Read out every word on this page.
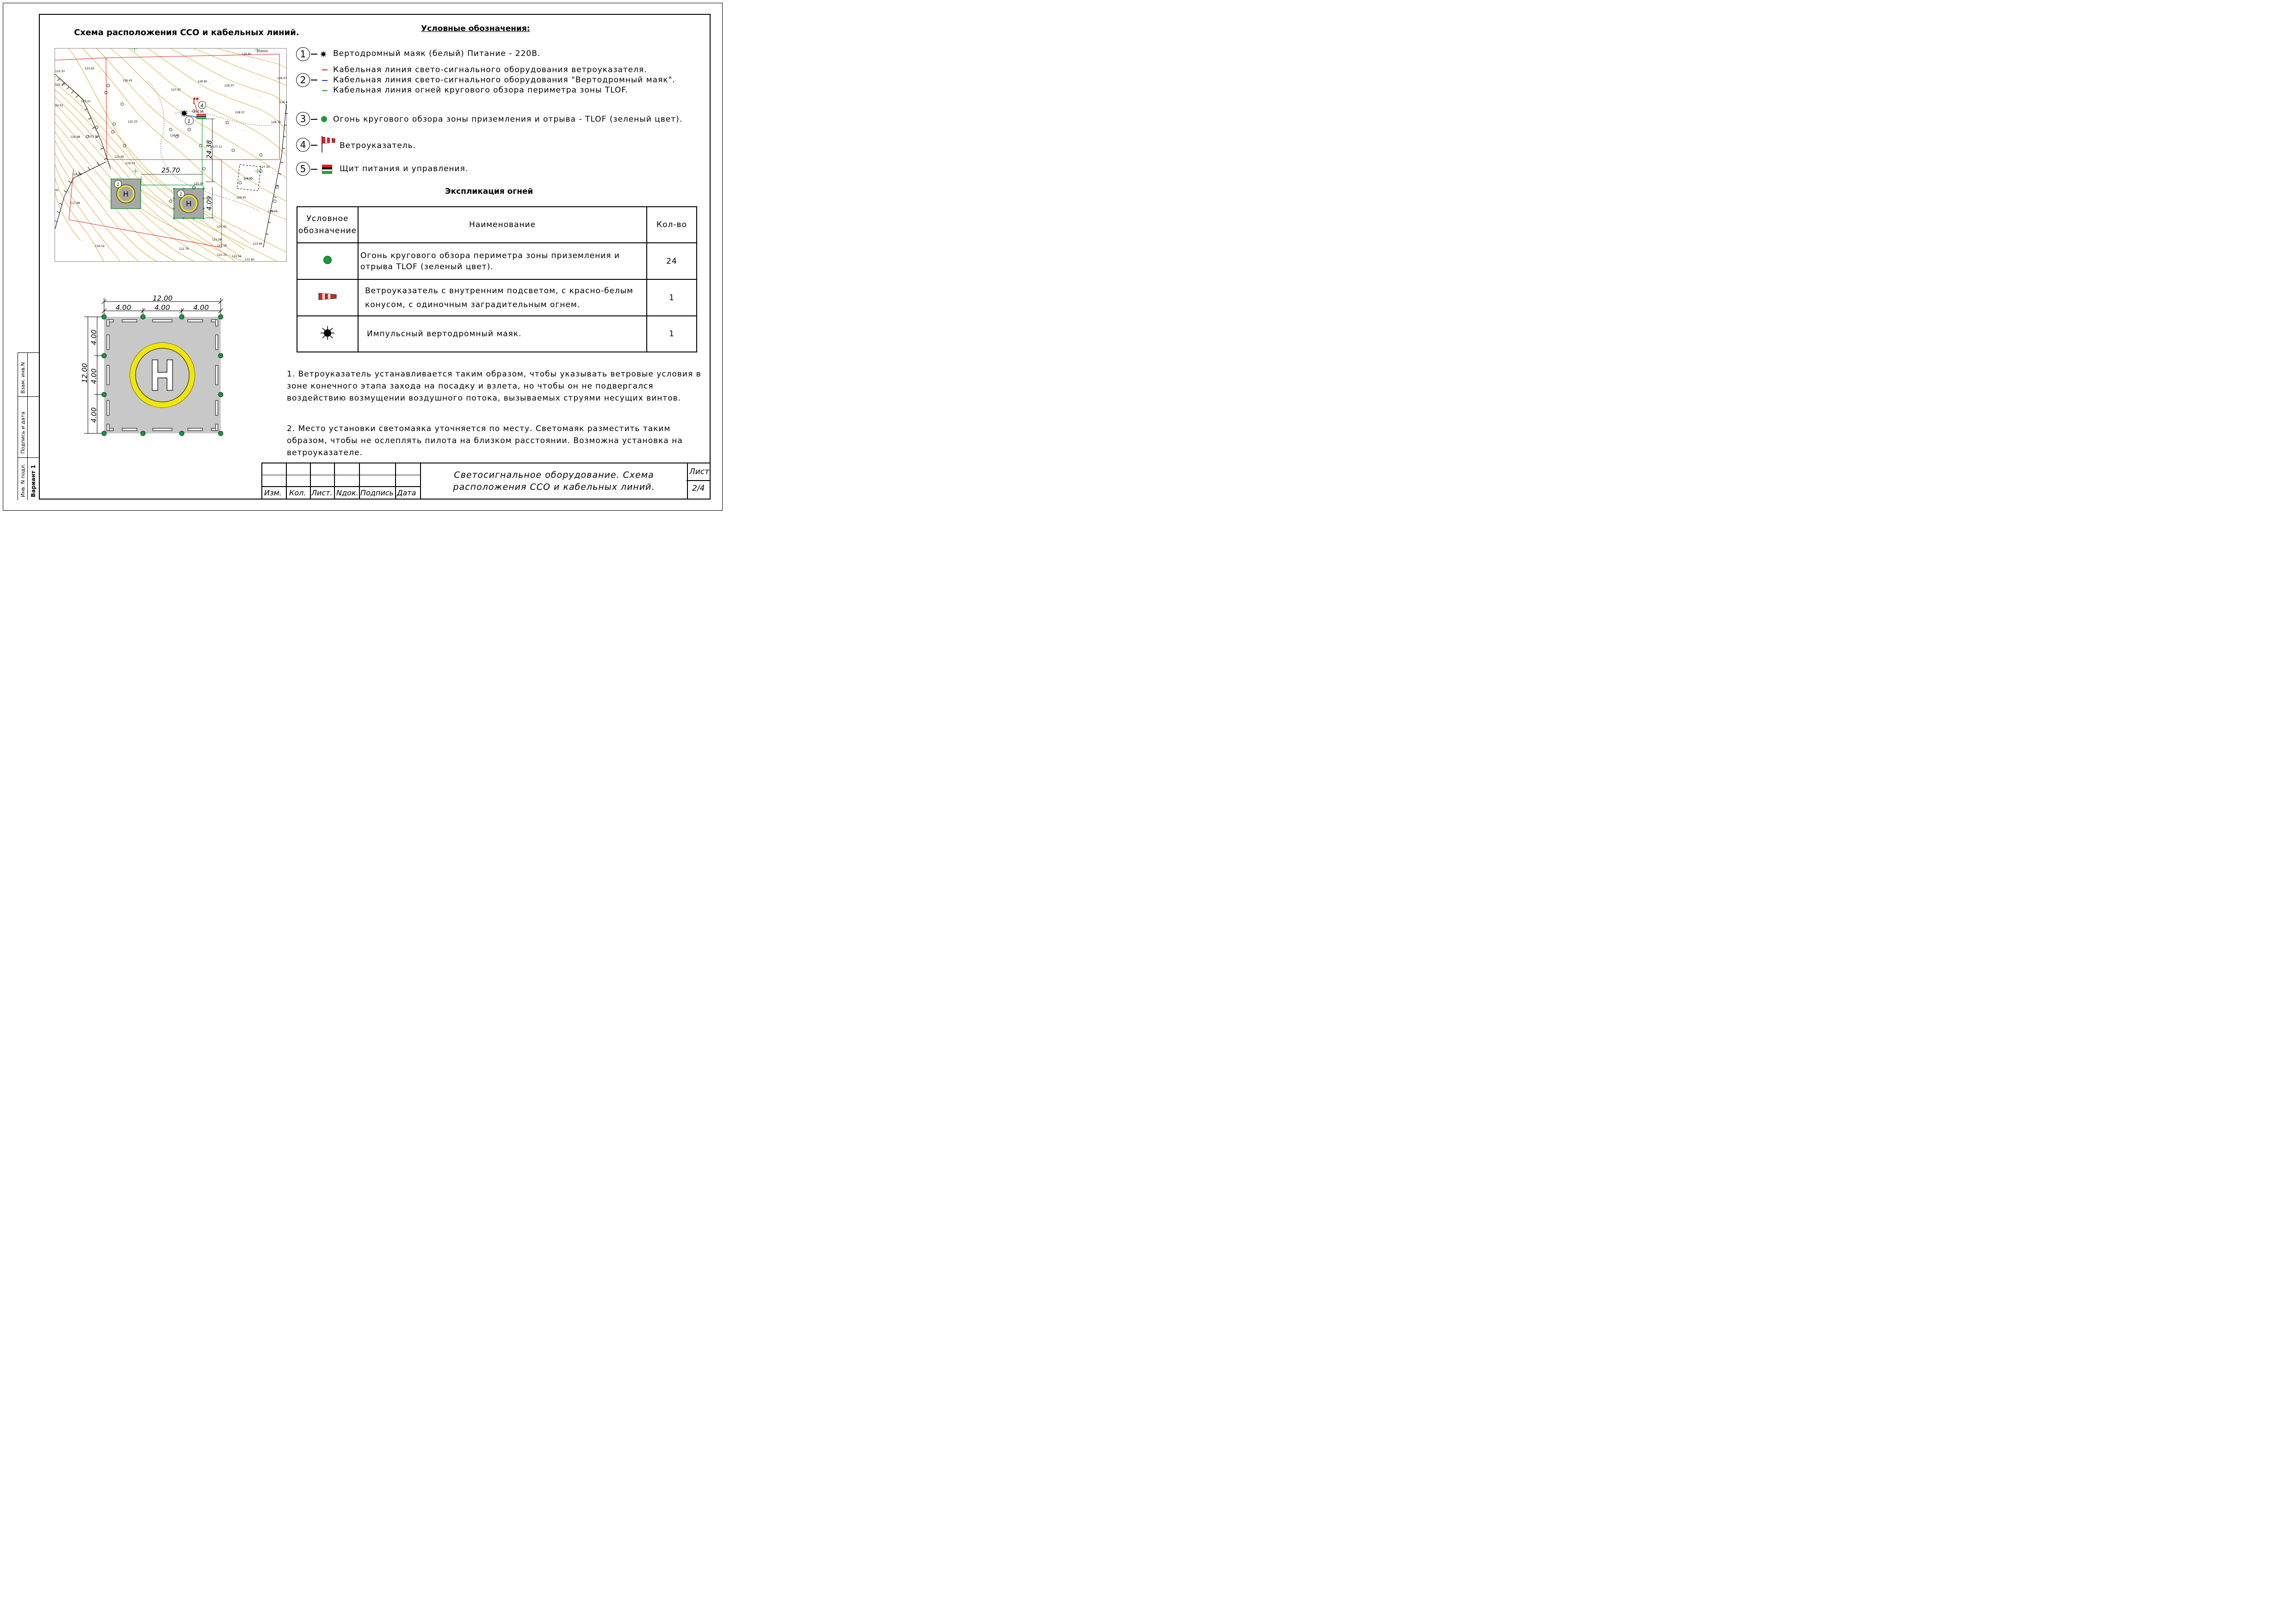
Схема расположения ССО и кабельных линий.	Условные обозначения:
122.33
123.45
126.43	128.85
129.07
129.60
339000
122.23
123.21
127.97
20.02
125.33
128.57
128.72
120.98	123.36	126.75
127.11
123.95
124.23
127.35
119.66
125.98
42
117.98
126.91
126.66
124.41
116.52
122.58
123.18
123.94
121.79
123.15 122.04
122.82
129.4
129.47
127.98
″	″	″
″	″
″
″
″
″
″
″
″
″
″
″	″
″
″
″
разр.
25.70
24.38
4.09
H
1
H
1
1
4
1	Вертодромный маяк (белый) Питание - 220В.
2
Кабельная линия свето-сигнального оборудования ветроуказателя.
Кабельная линия свето-сигнального оборудования "Вертодромный маяк".
Кабельная линия огней кругового обзора периметра зоны TLOF.
3	Огонь кругового обзора зоны приземления и отрыва - TLOF (зеленый цвет).
4	Ветроуказатель.
5	Щит питания и управления.
Экспликация огней
Условное обозначение	Наименование	Кол-во
	Огонь кругового обзора периметра зоны приземления и отрыва TLOF (зеленый цвет).	24
	Ветроуказатель с внутренним подсветом, с красно-белым конусом, с одиночным заградительным огнем.	1
	Импульсный вертодромный маяк.	1
1. Ветроуказатель устанавливается таким образом, чтобы указывать ветровые условия в зоне конечного этапа захода на посадку и взлета, но чтобы он не подвергался воздействию возмущении воздушного потока, вызываемых струями несущих винтов.
2. Место установки светомаяка уточняется по месту. Светомаяк разместить таким образом, чтобы не ослеплять пилота на близком расстоянии. Возможна установка на ветроуказателе.
12.00
4.00	4.00	4.00
12.00
4.00
4.00
4.00
Взам. инв.N
Подпись и дата
Инв. N подл. Вариант 1	Изм. Кол. Лист. Nдок. Подпись Дата
Светосигнальное оборудование. Схема расположения ССО и кабельных линий.
Лист
2/4
